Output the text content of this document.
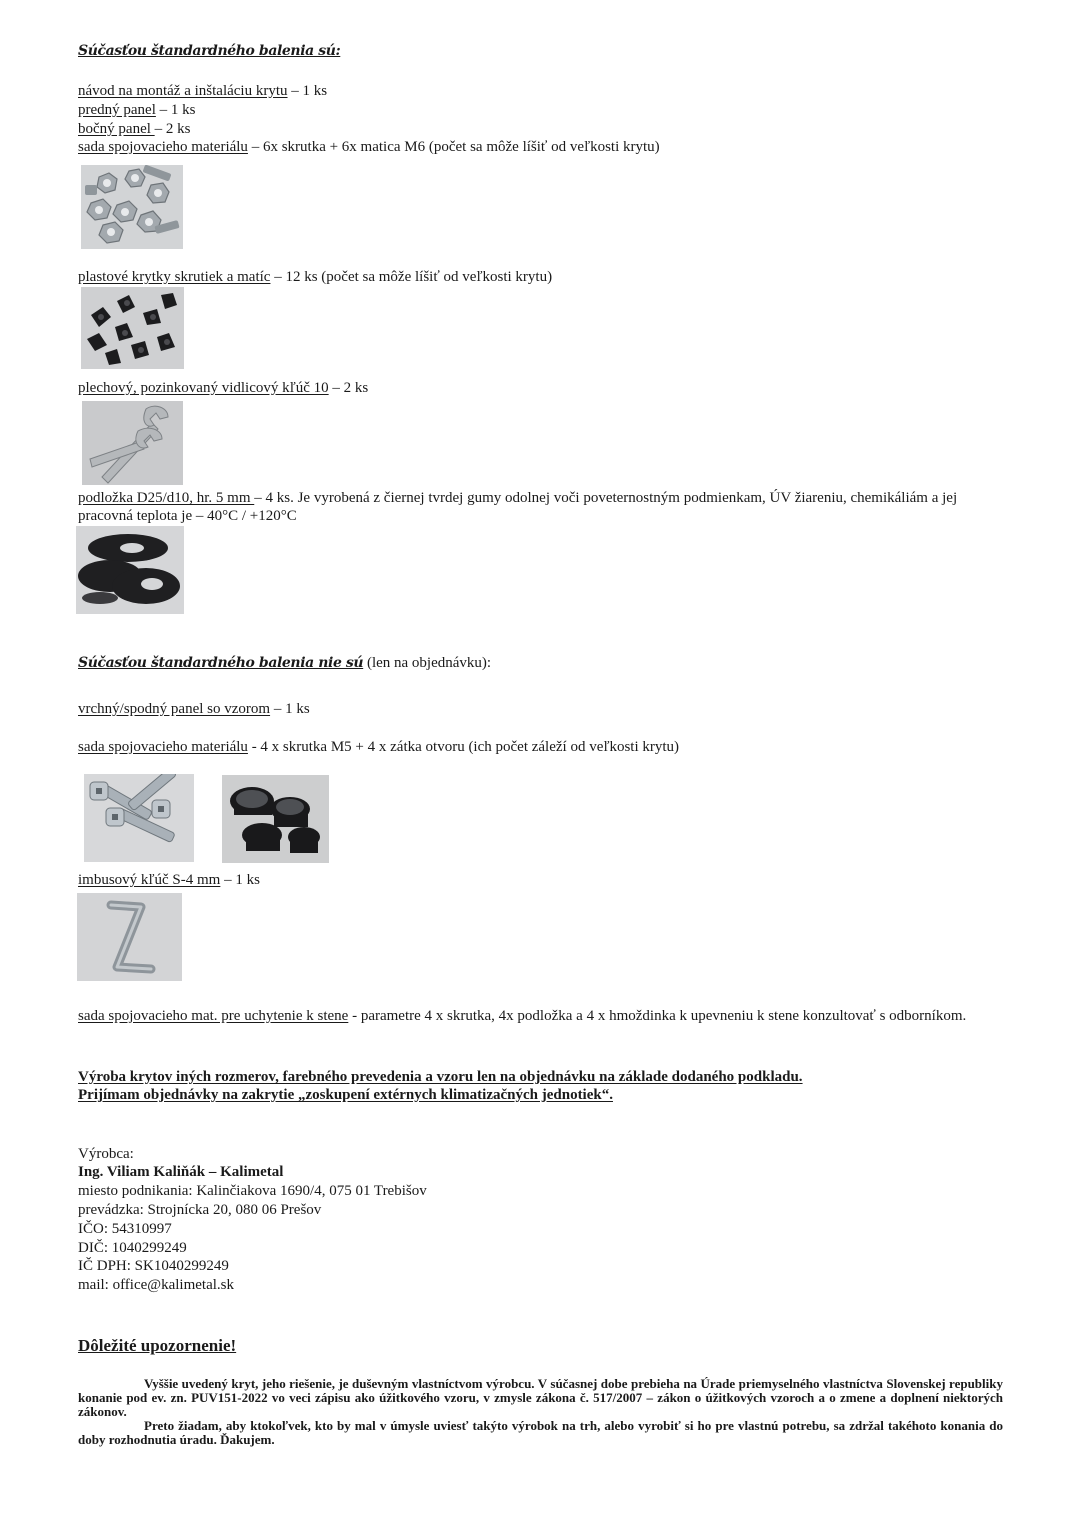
Súčasťou štandardného balenia sú:
návod na montáž a inštaláciu krytu – 1 ks
predný panel – 1 ks
bočný panel – 2 ks
sada spojovacieho materiálu – 6x skrutka + 6x matica M6 (počet sa môže líšiť od veľkosti krytu)
plastové krytky skrutiek a matíc – 12 ks (počet sa môže líšiť od veľkosti krytu)
plechový, pozinkovaný vidlicový kľúč 10 – 2 ks
podložka D25/d10, hr. 5 mm – 4 ks. Je vyrobená z čiernej tvrdej gumy odolnej voči poveternostným podmienkam, ÚV žiareniu, chemikáliám a jej pracovná teplota je – 40°C / +120°C
Súčasťou štandardného balenia nie sú (len na objednávku):
vrchný/spodný panel so vzorom – 1 ks
sada spojovacieho materiálu - 4 x skrutka M5 + 4 x zátka otvoru (ich počet záleží od veľkosti krytu)
imbusový kľúč S-4 mm – 1 ks
sada spojovacieho mat. pre uchytenie k stene - parametre 4 x skrutka, 4x podložka a 4 x hmoždinka k upevneniu k stene konzultovať s odborníkom.
Výroba krytov iných rozmerov, farebného prevedenia a vzoru len na objednávku na základe dodaného podkladu.
Prijímam objednávky na zakrytie „zoskupení extérnych klimatizačných jednotiek“.
Výrobca:
Ing. Viliam Kaliňák – Kalimetal
miesto podnikania: Kalinčiakova 1690/4, 075 01 Trebišov
prevádzka: Strojnícka 20, 080 06 Prešov
IČO: 54310997
DIČ: 1040299249
IČ DPH: SK1040299249
mail: office@kalimetal.sk
Dôležité upozornenie!

Vyššie uvedený kryt, jeho riešenie, je duševným vlastníctvom výrobcu. V súčasnej dobe prebieha na Úrade priemyselného vlastníctva Slovenskej republiky konanie pod ev. zn. PUV151-2022 vo veci zápisu ako úžitkového vzoru, v zmysle zákona č. 517/2007 – zákon o úžitkových vzoroch a o zmene a doplnení niektorých zákonov.

Preto žiadam, aby ktokoľvek, kto by mal v úmysle uviesť takýto výrobok na trh, alebo vyrobiť si ho pre vlastnú potrebu, sa zdržal takéhoto konania do doby rozhodnutia úradu. Ďakujem.
